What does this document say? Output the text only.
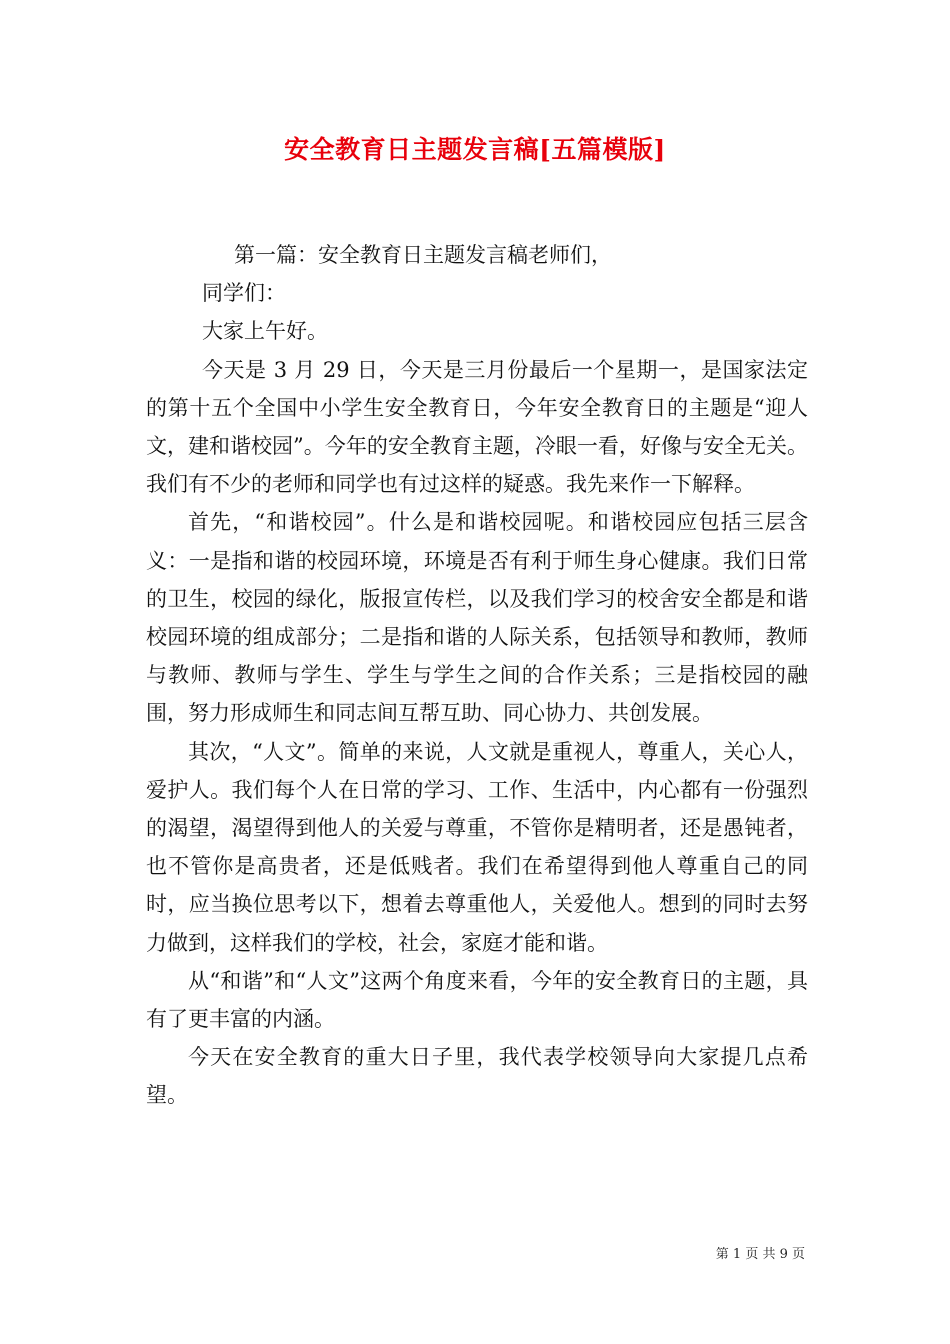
安全教育日主题发言稿[五篇模版]

第一篇：安全教育日主题发言稿老师们，

同学们：

大家上午好。

今天是 3 月 29 日，今天是三月份最后一个星期一，是国家法定的第十五个全国中小学生安全教育日，今年安全教育日的主题是“迎人文，建和谐校园”。今年的安全教育主题，冷眼一看，好像与安全无关。我们有不少的老师和同学也有过这样的疑惑。我先来作一下解释。

首先，“和谐校园”。什么是和谐校园呢。和谐校园应包括三层含义：一是指和谐的校园环境，环境是否有利于师生身心健康。我们日常的卫生，校园的绿化，版报宣传栏，以及我们学习的校舍安全都是和谐校园环境的组成部分；二是指和谐的人际关系，包括领导和教师，教师与教师、教师与学生、学生与学生之间的合作关系；三是指校园的融围，努力形成师生和同志间互帮互助、同心协力、共创发展。

其次，“人文”。简单的来说，人文就是重视人，尊重人，关心人，爱护人。我们每个人在日常的学习、工作、生活中，内心都有一份强烈的渴望，渴望得到他人的关爱与尊重，不管你是精明者，还是愚钝者，也不管你是高贵者，还是低贱者。我们在希望得到他人尊重自己的同时，应当换位思考以下，想着去尊重他人，关爱他人。想到的同时去努力做到，这样我们的学校，社会，家庭才能和谐。

从“和谐”和“人文”这两个角度来看，今年的安全教育日的主题，具有了更丰富的内涵。

今天在安全教育的重大日子里，我代表学校领导向大家提几点希望。

第 1 页 共 9 页
